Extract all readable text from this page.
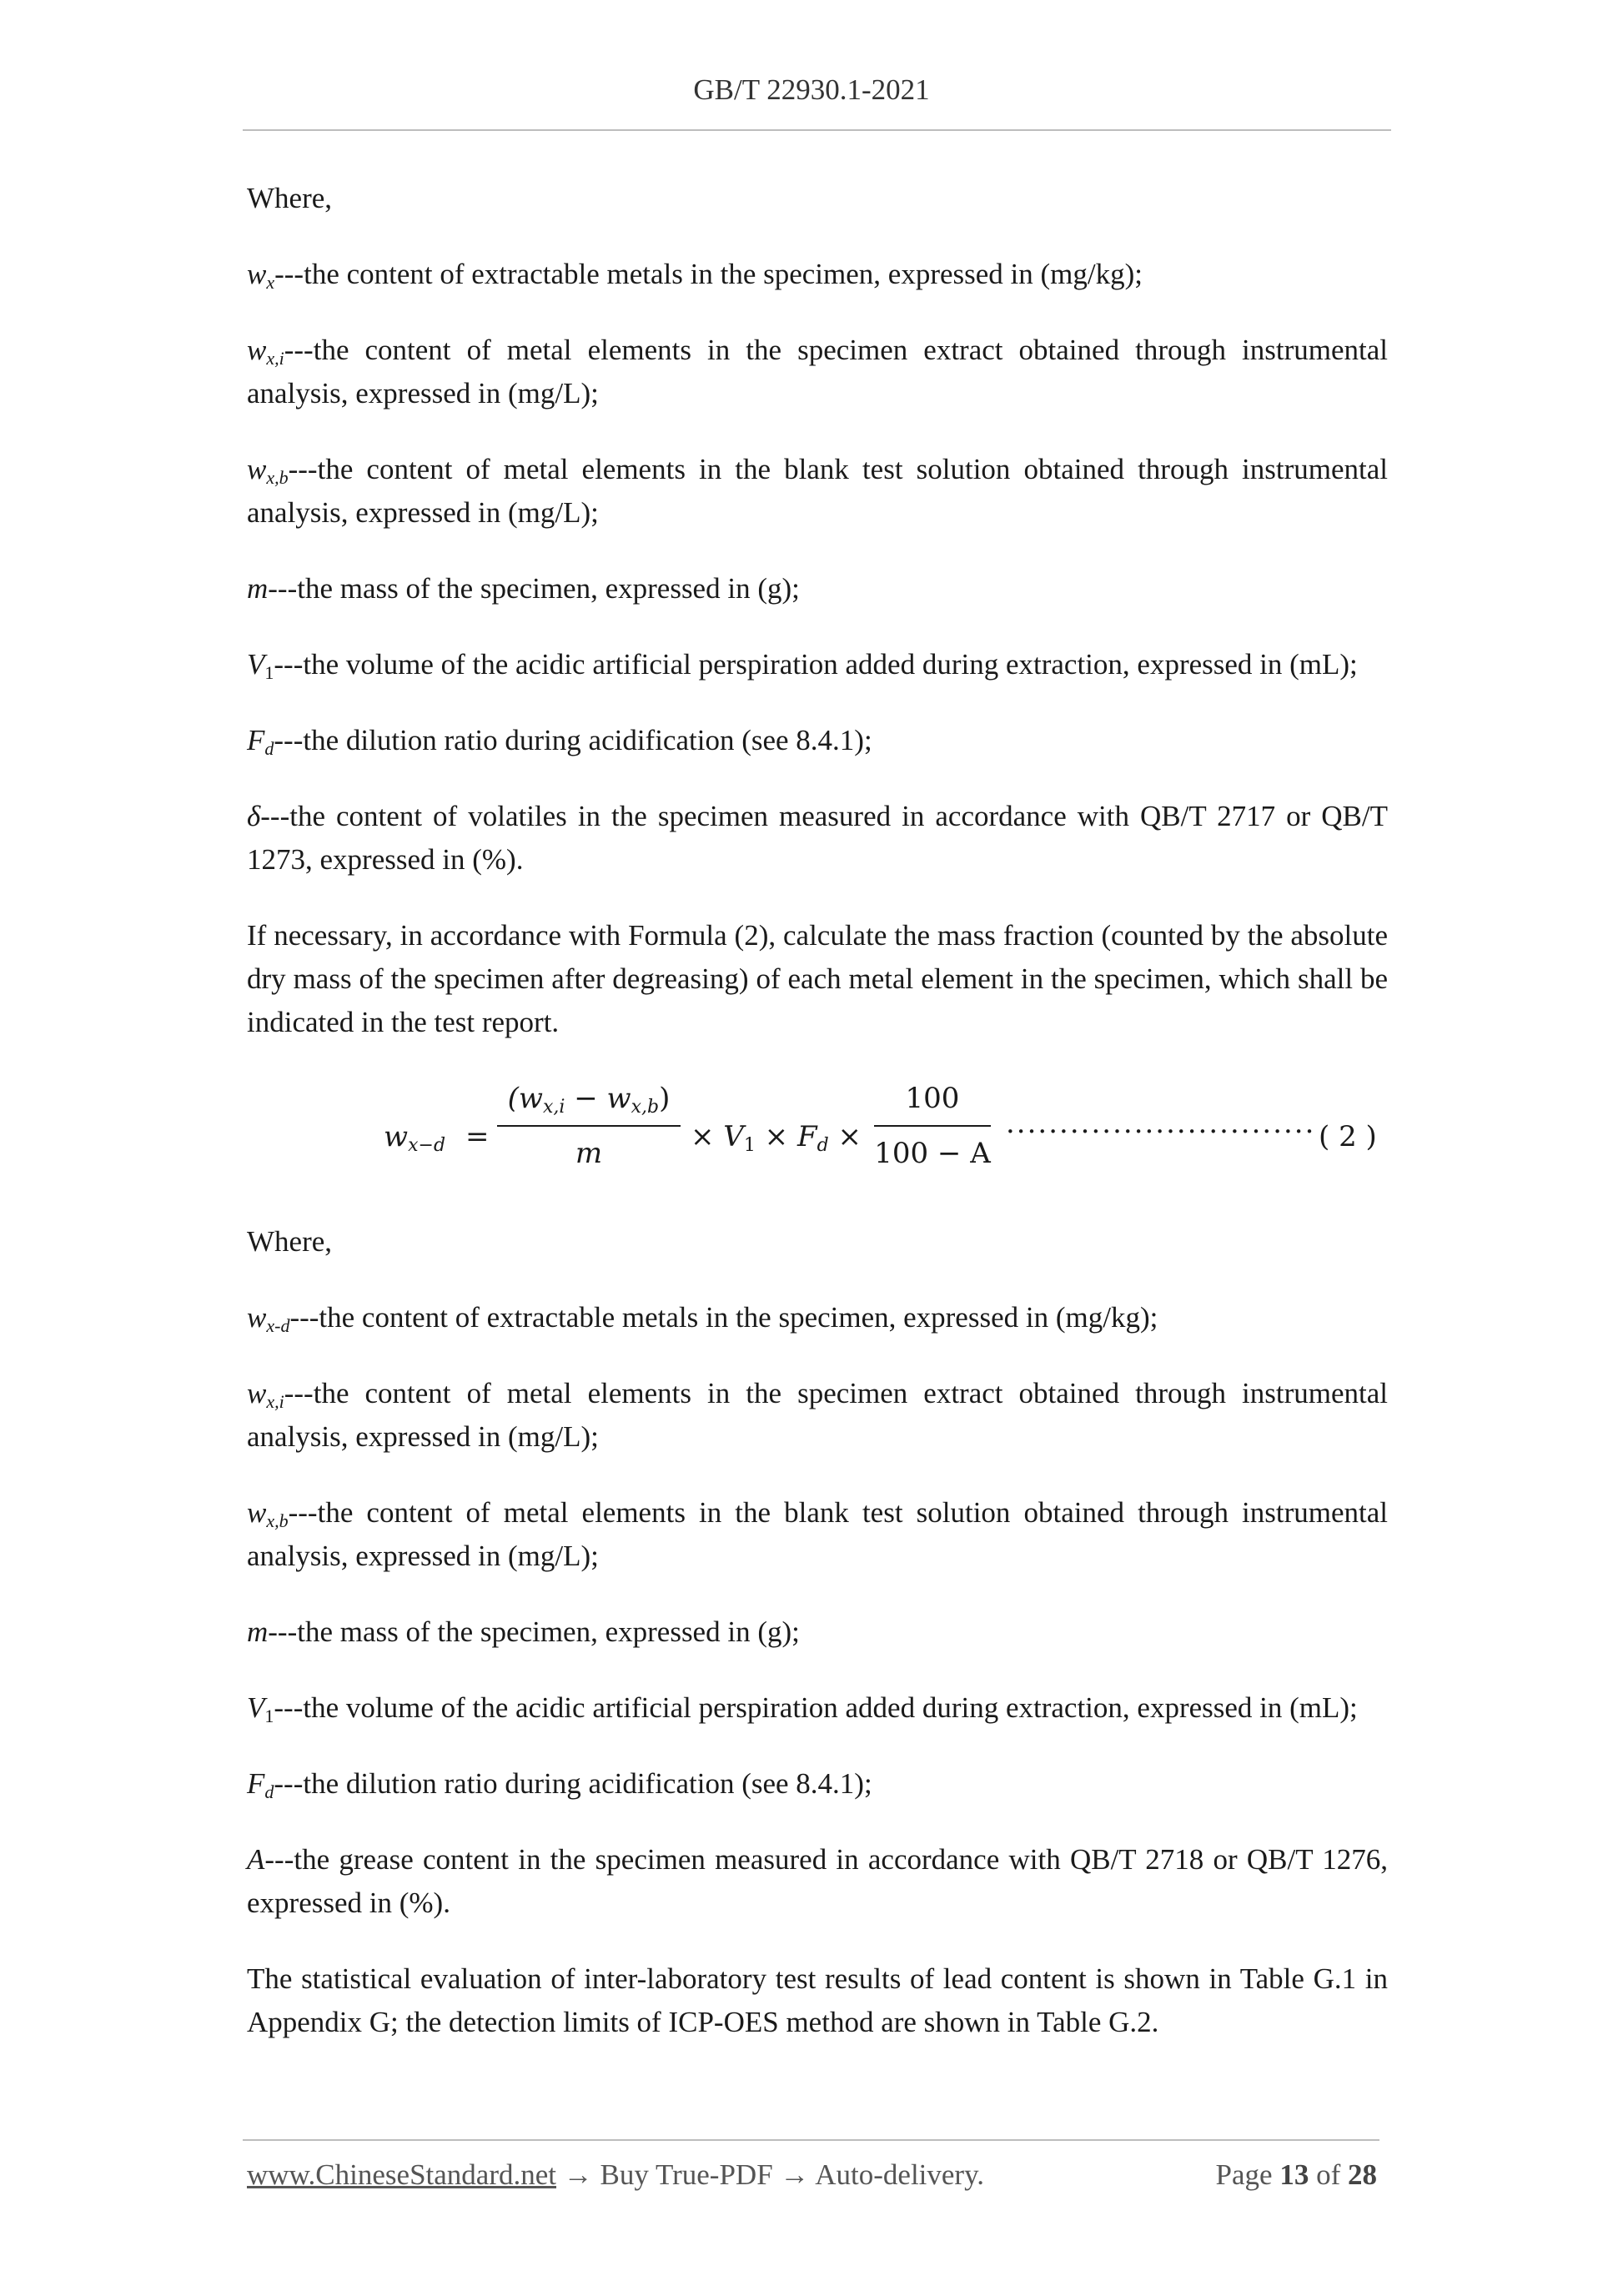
GB/T 22930.1-2021

Where,

$w_x--$-the content of extractable metals in the specimen, expressed in (mg/kg);

$w_{x,i}--$-the content of metal elements in the specimen extract obtained through instrumental analysis, expressed in (mg/L);

$w_{x,b}--$-the content of metal elements in the blank test solution obtained through instrumental analysis, expressed in (mg/L);

m---the mass of the specimen, expressed in (g);

$V_1--$-the volume of the acidic artificial perspiration added during extraction, expressed in (mL);

$F_d--$-the dilution ratio during acidification (see 8.4.1);

δ---the content of volatiles in the specimen measured in accordance with QB/T 2717 or QB/T 1273, expressed in (%).

If necessary, in accordance with Formula (2), calculate the mass fraction (counted by the absolute dry mass of the specimen after degreasing) of each metal element in the specimen, which shall be indicated in the test report.

$w_{x-d}$ =
$(w_{x,i} - w_{x,b})$
m	× $V_1 \times F_d$ ×
100
100 − A
····························· ( 2 )

Where,

$w_{x-d}--$-the content of extractable metals in the specimen, expressed in (mg/kg);

$w_{x,i}--$-the content of metal elements in the specimen extract obtained through instrumental analysis, expressed in (mg/L);

$w_{x,b}--$-the content of metal elements in the blank test solution obtained through instrumental analysis, expressed in (mg/L);

m---the mass of the specimen, expressed in (g);

$V_1--$-the volume of the acidic artificial perspiration added during extraction, expressed in (mL);

$F_d--$-the dilution ratio during acidification (see 8.4.1);

A---the grease content in the specimen measured in accordance with QB/T 2718 or QB/T 1276, expressed in (%).

The statistical evaluation of inter-laboratory test results of lead content is shown in Table G.1 in Appendix G; the detection limits of ICP-OES method are shown in Table G.2.

www.ChineseStandard.net → Buy True-PDF → Auto-delivery.	Page 13 of 28
